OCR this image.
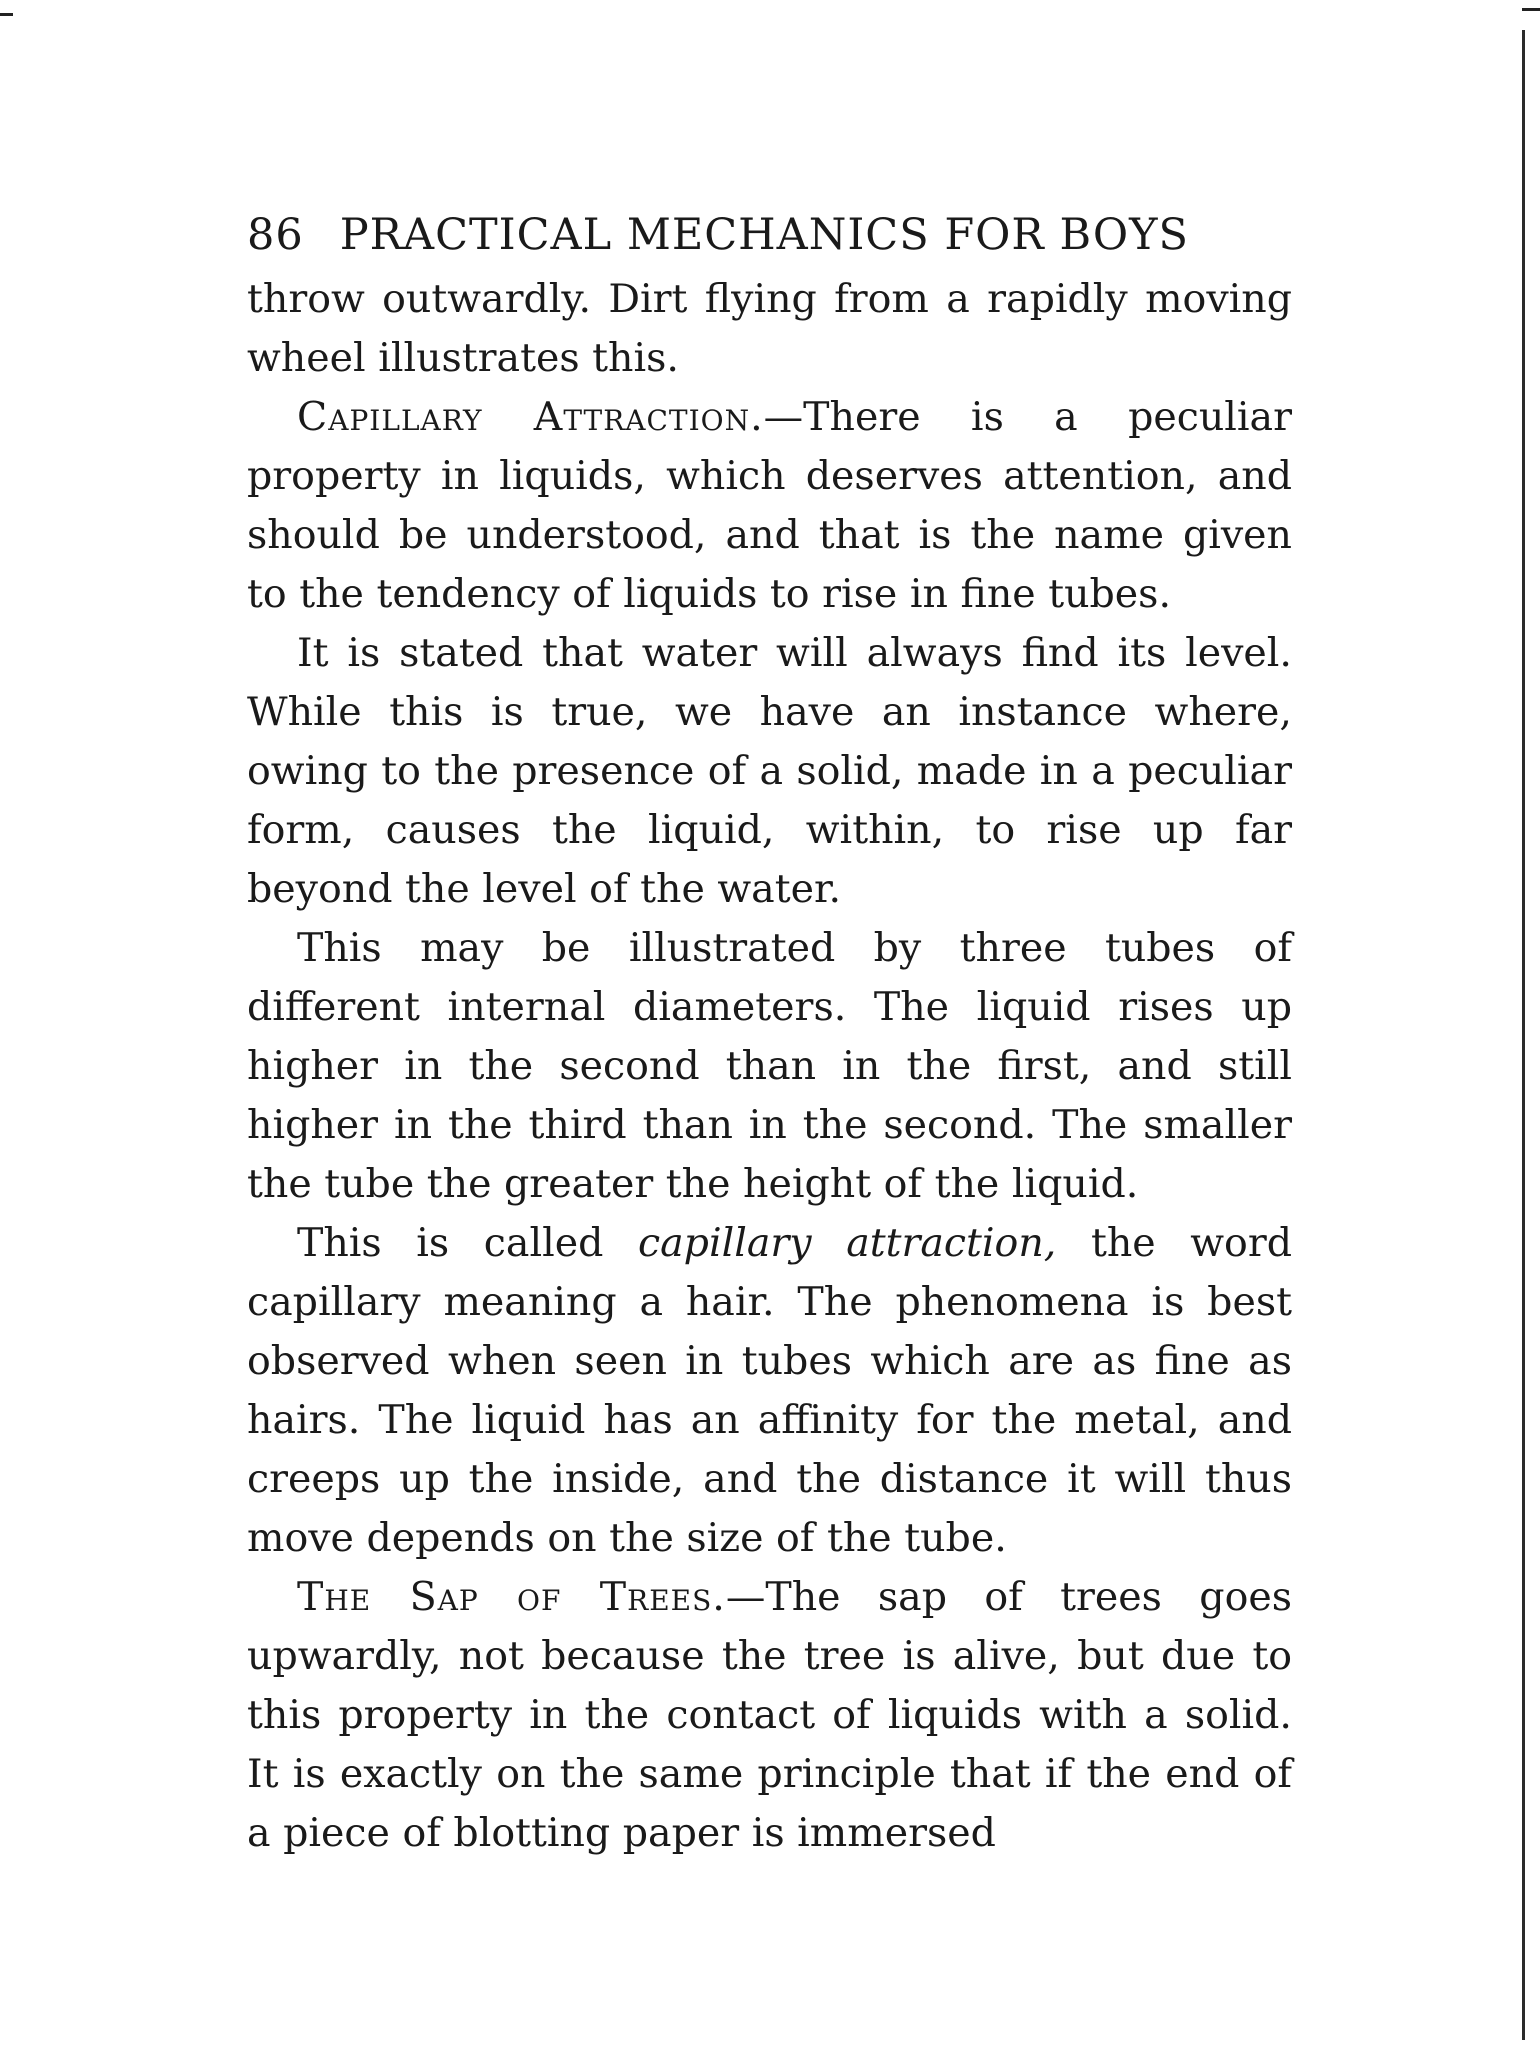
86 PRACTICAL MECHANICS FOR BOYS

throw outwardly. Dirt flying from a rapidly moving wheel illustrates this.

Capillary Attraction.—There is a peculiar property in liquids, which deserves attention, and should be understood, and that is the name given to the tendency of liquids to rise in fine tubes.

It is stated that water will always find its level. While this is true, we have an instance where, owing to the presence of a solid, made in a peculiar form, causes the liquid, within, to rise up far beyond the level of the water.

This may be illustrated by three tubes of different internal diameters. The liquid rises up higher in the second than in the first, and still higher in the third than in the second. The smaller the tube the greater the height of the liquid.

This is called capillary attraction, the word capillary meaning a hair. The phenomena is best observed when seen in tubes which are as fine as hairs. The liquid has an affinity for the metal, and creeps up the inside, and the distance it will thus move depends on the size of the tube.

The Sap of Trees.—The sap of trees goes upwardly, not because the tree is alive, but due to this property in the contact of liquids with a solid. It is exactly on the same principle that if the end of a piece of blotting paper is immersed
